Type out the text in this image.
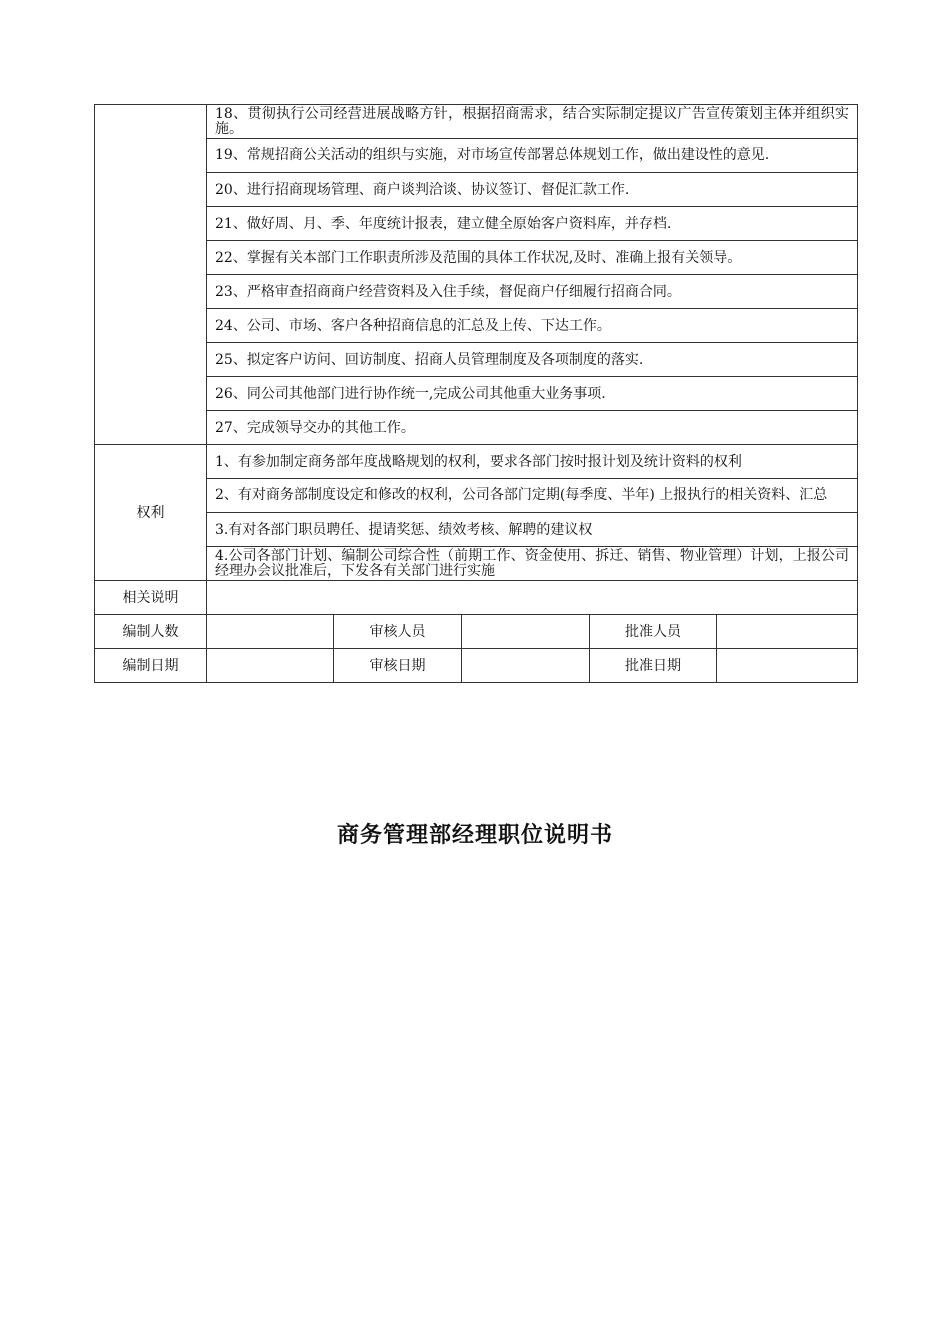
	18、贯彻执行公司经营进展战略方针，根据招商需求，结合实际制定提议广告宣传策划主体并组织实施。				
	19、常规招商公关活动的组织与实施，对市场宣传部署总体规划工作，做出建设性的意见.				
	20、进行招商现场管理、商户谈判洽谈、协议签订、督促汇款工作.				
	21、做好周、月、季、年度统计报表，建立健全原始客户资料库，并存档.				
	22、掌握有关本部门工作职责所涉及范围的具体工作状况,及时、准确上报有关领导。				
	23、严格审查招商商户经营资料及入住手续，督促商户仔细履行招商合同。				
	24、公司、市场、客户各种招商信息的汇总及上传、下达工作。				
	25、拟定客户访问、回访制度、招商人员管理制度及各项制度的落实.				
	26、同公司其他部门进行协作统一,完成公司其他重大业务事项.				
	27、完成领导交办的其他工作。				
权利	1、有参加制定商务部年度战略规划的权利，要求各部门按时报计划及统计资料的权利				
	2、有对商务部制度设定和修改的权利，公司各部门定期(每季度、半年) 上报执行的相关资料、汇总				
	3.有对各部门职员聘任、提请奖惩、绩效考核、解聘的建议权				
	4.公司各部门计划、编制公司综合性（前期工作、资金使用、拆迁、销售、物业管理）计划，上报公司经理办会议批准后，下发各有关部门进行实施				
相关说明					
编制人数		审核人员		批准人员	
编制日期		审核日期		批准日期	
商务管理部经理职位说明书
